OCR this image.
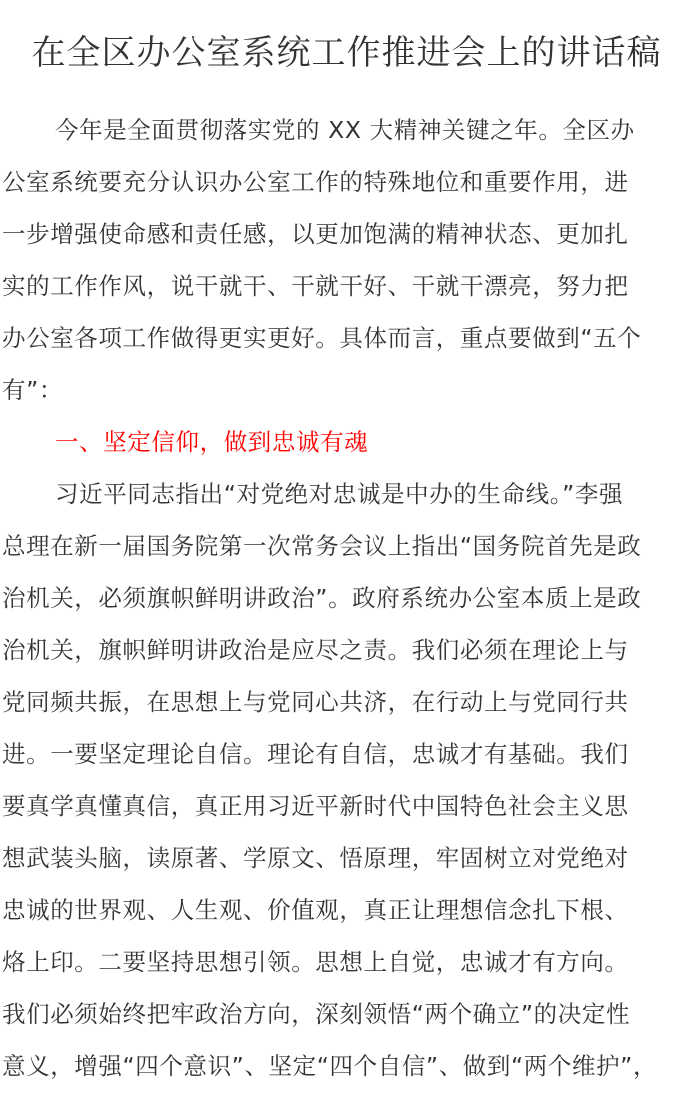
在全区办公室系统工作推进会上的讲话稿
今年是全面贯彻落实党的 XX 大精神关键之年。全区办
公室系统要充分认识办公室工作的特殊地位和重要作用，进
一步增强使命感和责任感，以更加饱满的精神状态、更加扎
实的工作作风，说干就干、干就干好、干就干漂亮，努力把
办公室各项工作做得更实更好。具体而言，重点要做到“五个
有”：
一、坚定信仰，做到忠诚有魂
习近平同志指出“对党绝对忠诚是中办的生命线。”李强
总理在新一届国务院第一次常务会议上指出“国务院首先是政
治机关，必须旗帜鲜明讲政治”。政府系统办公室本质上是政
治机关，旗帜鲜明讲政治是应尽之责。我们必须在理论上与
党同频共振，在思想上与党同心共济，在行动上与党同行共
进。一要坚定理论自信。理论有自信，忠诚才有基础。我们
要真学真懂真信，真正用习近平新时代中国特色社会主义思
想武装头脑，读原著、学原文、悟原理，牢固树立对党绝对
忠诚的世界观、人生观、价值观，真正让理想信念扎下根、
烙上印。二要坚持思想引领。思想上自觉，忠诚才有方向。
我们必须始终把牢政治方向，深刻领悟“两个确立”的决定性
意义，增强“四个意识”、坚定“四个自信”、做到“两个维护”，
